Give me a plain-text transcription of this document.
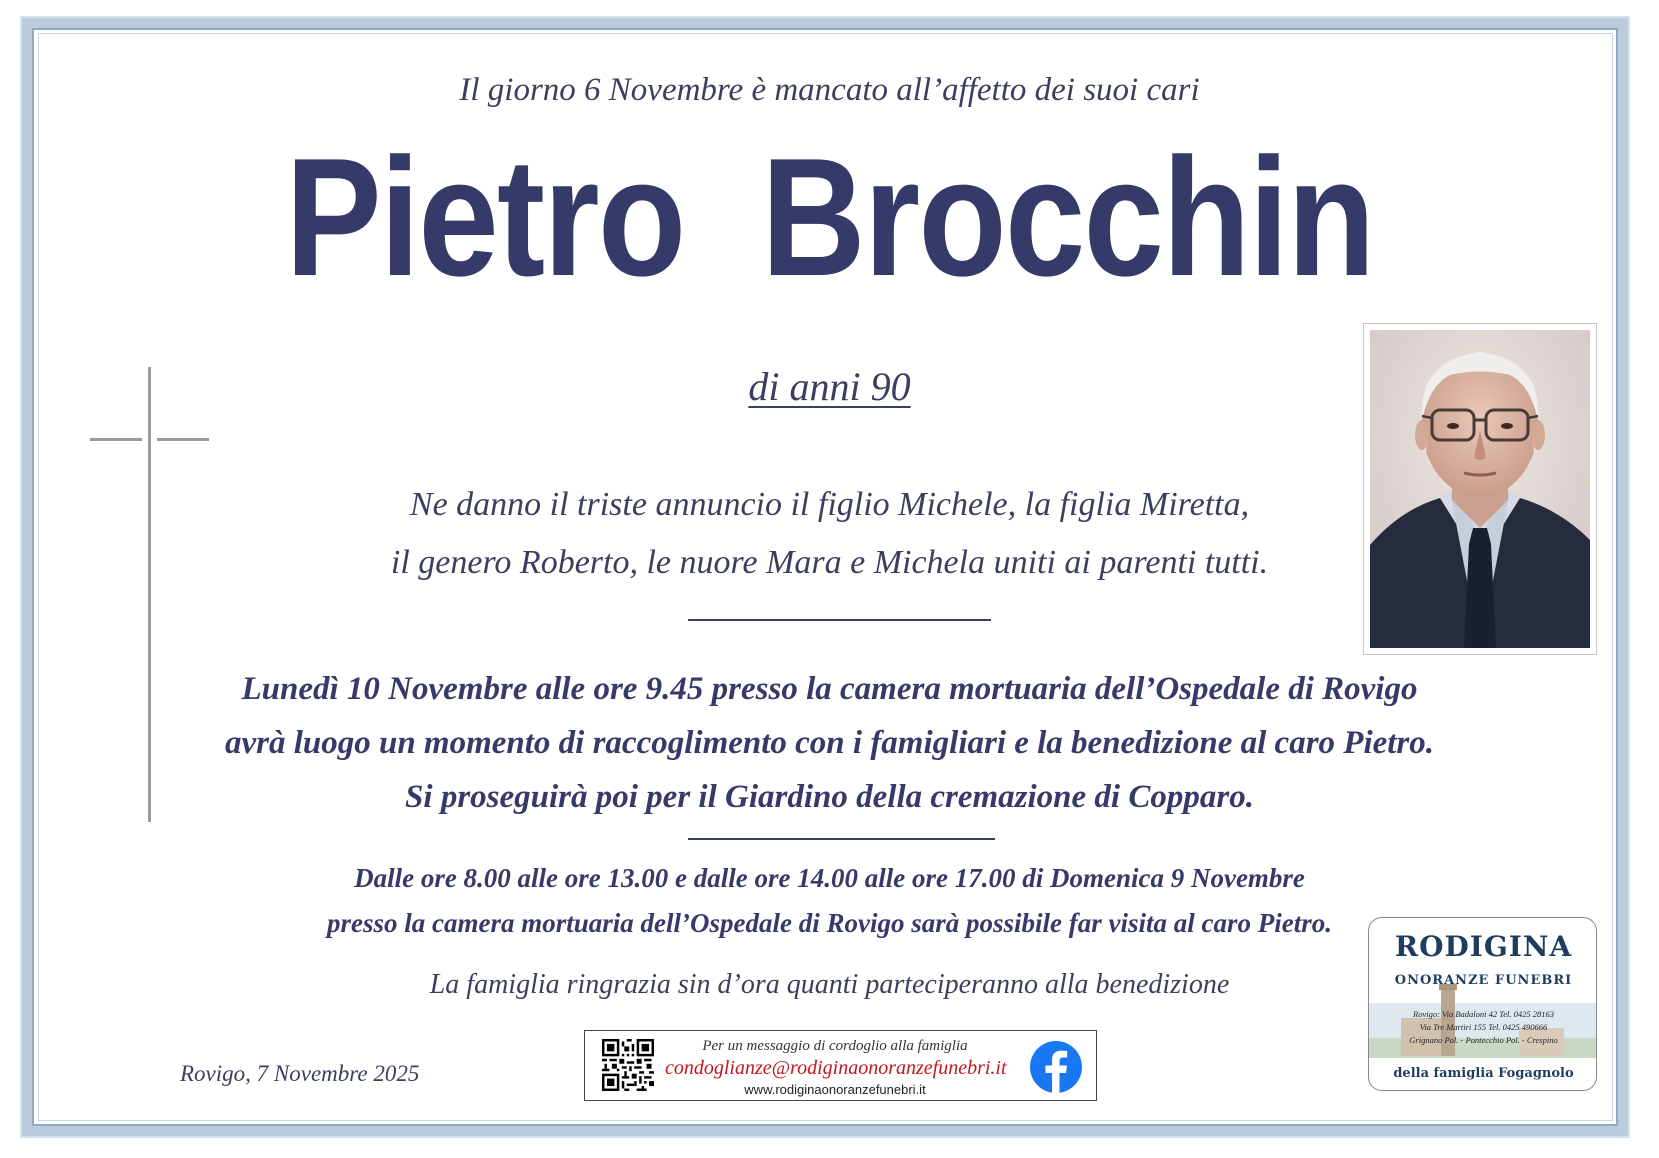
Il giorno 6 Novembre è mancato all’affetto dei suoi cari
Pietro  Brocchin
di anni 90
Ne danno il triste annuncio il figlio Michele, la figlia Miretta,
il genero Roberto, le nuore Mara e Michela uniti ai parenti tutti.
Lunedì 10 Novembre alle ore 9.45 presso la camera mortuaria dell’Ospedale di Rovigo
avrà luogo un momento di raccoglimento con i famigliari e la benedizione al caro Pietro.
Si proseguirà poi per il Giardino della cremazione di Copparo.
Dalle ore 8.00 alle ore 13.00 e dalle ore 14.00 alle ore 17.00 di Domenica 9 Novembre
presso la camera mortuaria dell’Ospedale di Rovigo sarà possibile far visita al caro Pietro.
La famiglia ringrazia sin d’ora quanti parteciperanno alla benedizione
Rovigo, 7 Novembre 2025
Per un messaggio di cordoglio alla famiglia
condoglianze@rodiginaonoranzefunebri.it
www.rodiginaonoranzefunebri.it
RODIGINA
ONORANZE FUNEBRI
Rovigo: Via Badaloni 42 Tel. 0425 28163
Via Tre Martiri 155 Tel. 0425 490666
Grignano Pol. - Pontecchio Pol. - Crespino
della famiglia Fogagnolo
